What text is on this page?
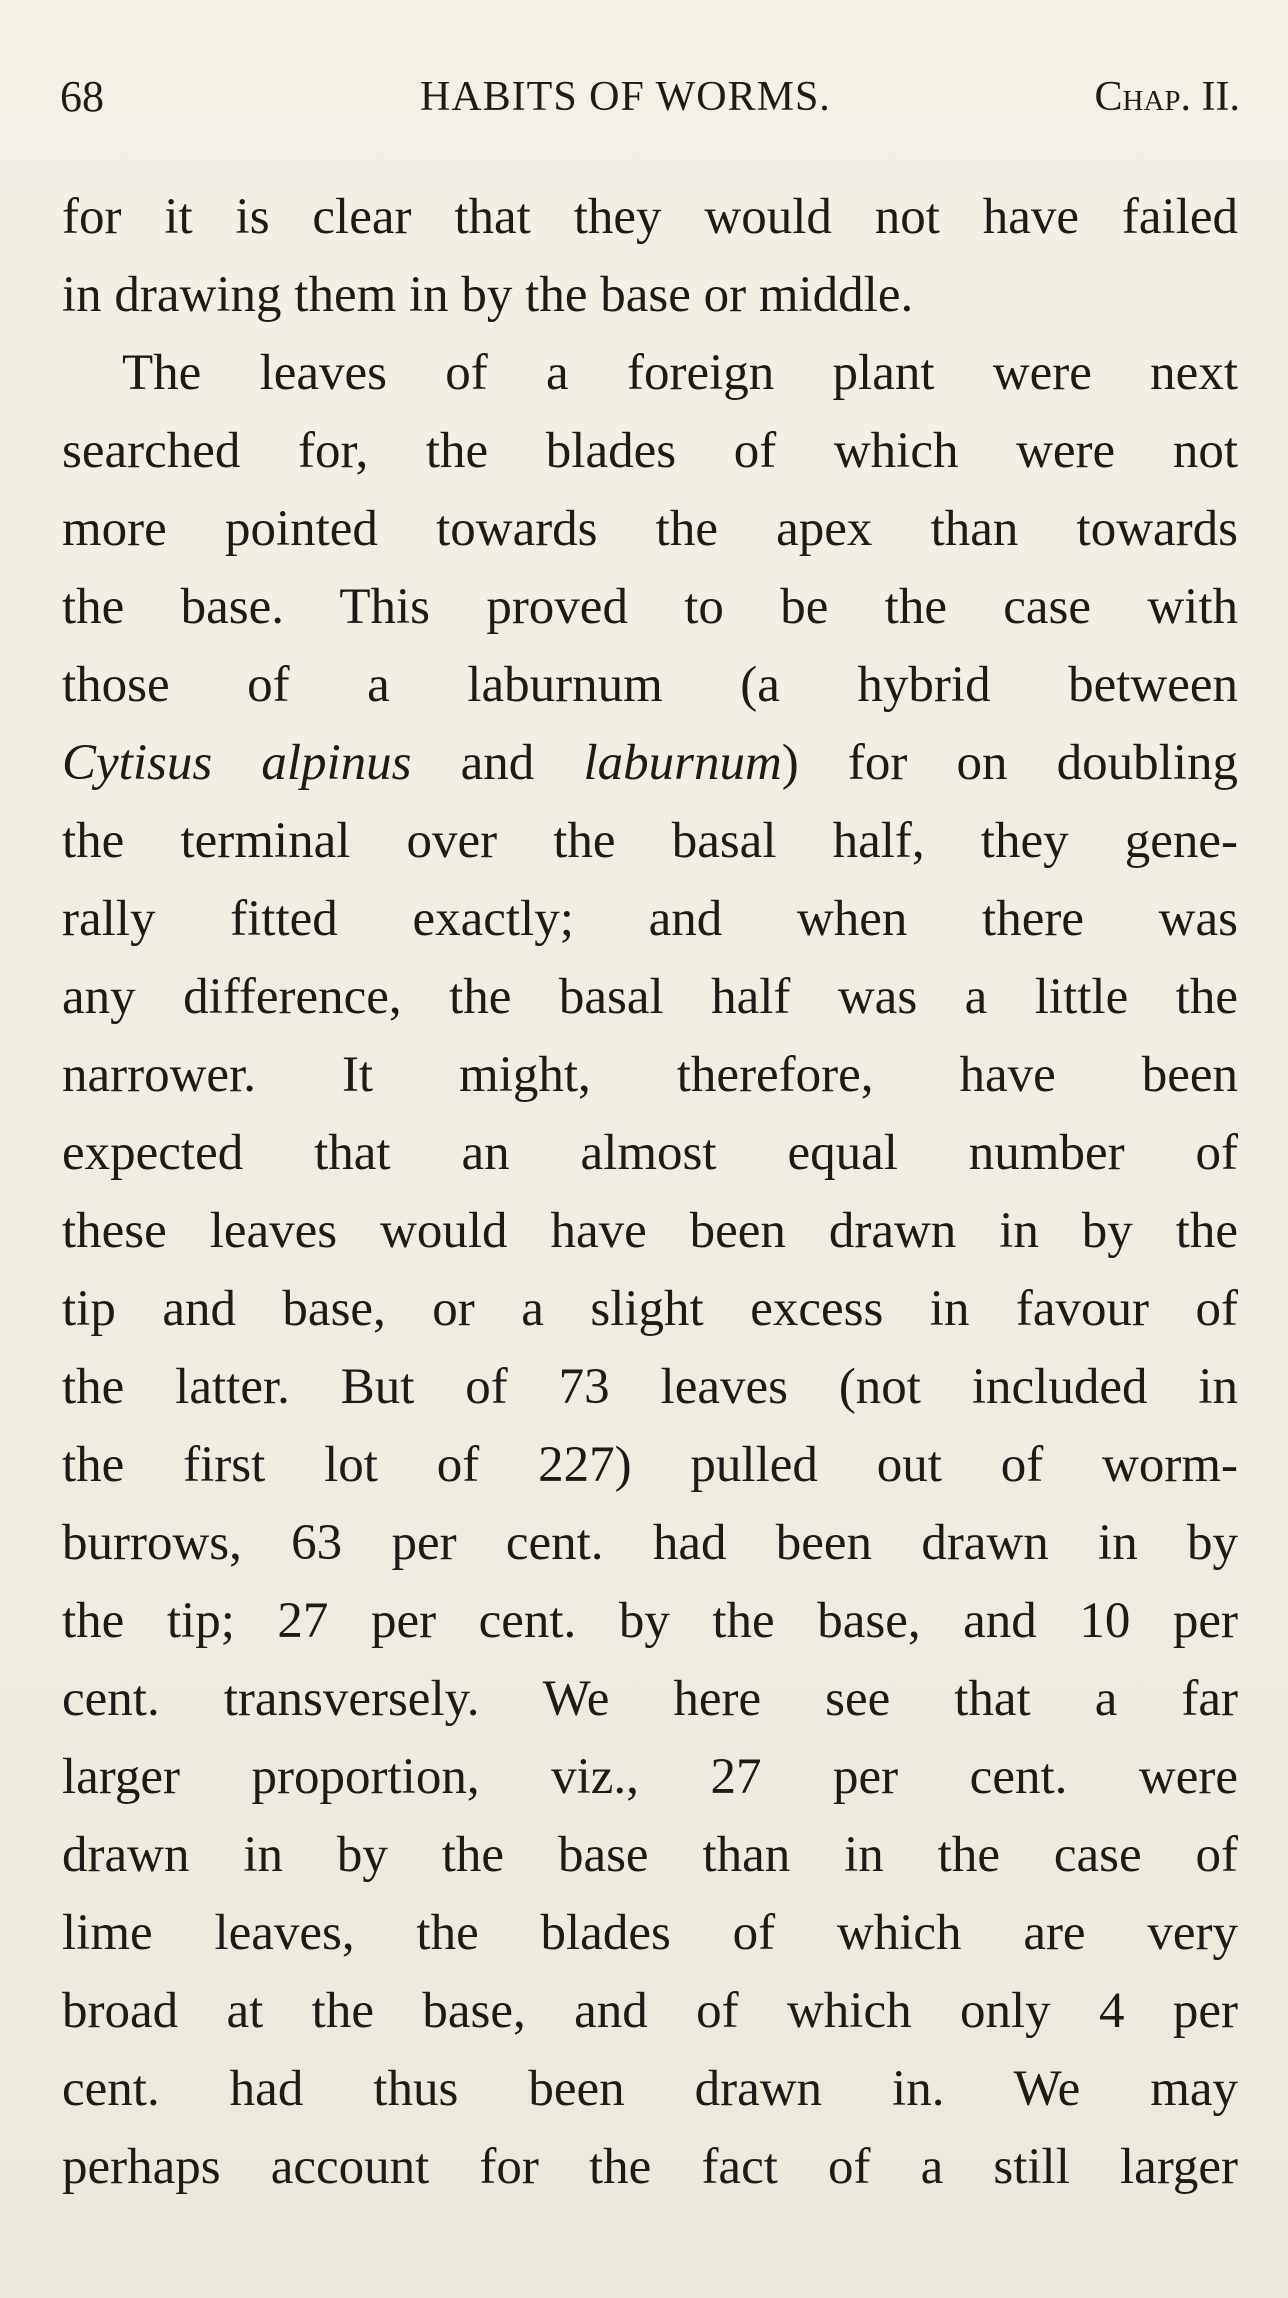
68	HABITS OF WORMS.	Chap. II.
for it is clear that they would not have failed
in drawing them in by the base or middle.
The leaves of a foreign plant were next
searched for, the blades of which were not
more pointed towards the apex than towards
the base. This proved to be the case with
those of a laburnum (a hybrid between
Cytisus alpinus and laburnum) for on doubling
the terminal over the basal half, they gene-
rally fitted exactly; and when there was
any difference, the basal half was a little the
narrower. It might, therefore, have been
expected that an almost equal number of
these leaves would have been drawn in by the
tip and base, or a slight excess in favour of
the latter. But of 73 leaves (not included in
the first lot of 227) pulled out of worm-
burrows, 63 per cent. had been drawn in by
the tip; 27 per cent. by the base, and 10 per
cent. transversely. We here see that a far
larger proportion, viz., 27 per cent. were
drawn in by the base than in the case of
lime leaves, the blades of which are very
broad at the base, and of which only 4 per
cent. had thus been drawn in. We may
perhaps account for the fact of a still larger
